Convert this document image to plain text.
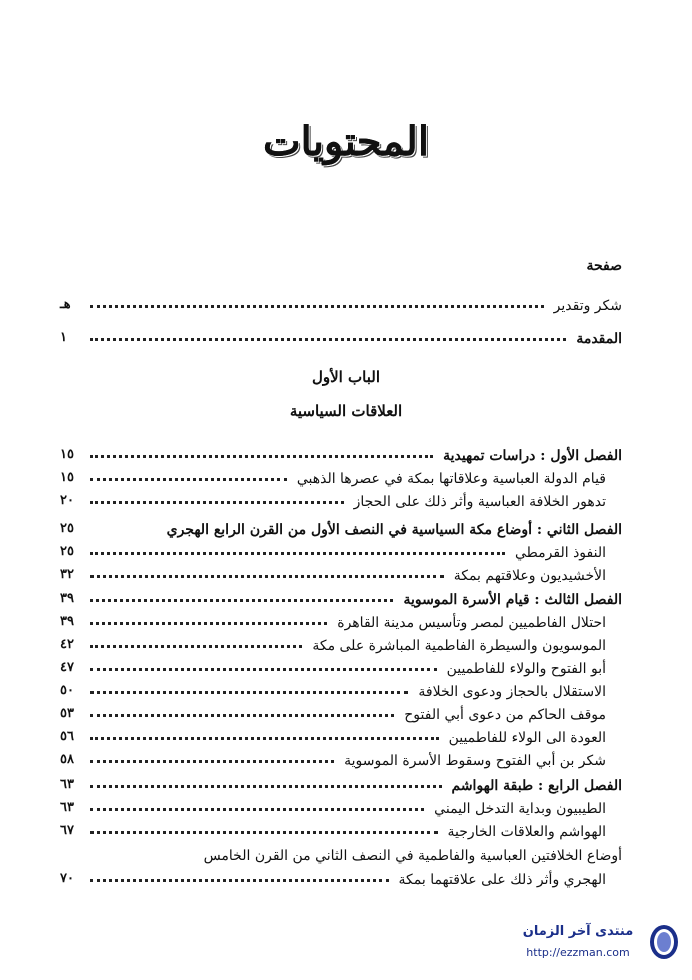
المحتويات
صفحة
شكر وتقدير
هـ
المقدمة
١
الباب الأول
العلاقات السياسية
الفصل الأول : دراسات تمهيدية
١٥
قيام الدولة العباسية وعلاقاتها بمكة في عصرها الذهبي
١٥
تدهور الخلافة العباسية وأثر ذلك على الحجاز
٢٠
الفصل الثاني : أوضاع مكة السياسية في النصف الأول من القرن الرابع الهجري
٢٥
النفوذ القرمطي
٢٥
الأخشيديون وعلاقتهم بمكة
٣٢
الفصل الثالث : قيام الأسرة الموسوية
٣٩
احتلال الفاطميين لمصر وتأسيس مدينة القاهرة
٣٩
الموسويون والسيطرة الفاطمية المباشرة على مكة
٤٢
أبو الفتوح والولاء للفاطميين
٤٧
الاستقلال بالحجاز ودعوى الخلافة
٥٠
موقف الحاكم من دعوى أبي الفتوح
٥٣
العودة الى الولاء للفاطميين
٥٦
شكر بن أبي الفتوح وسقوط الأسرة الموسوية
٥٨
الفصل الرابع : طبقة الهواشم
٦٣
الطيبيون وبداية التدخل اليمني
٦٣
الهواشم والعلاقات الخارجية
٦٧
أوضاع الخلافتين العباسية والفاطمية في النصف الثاني من القرن الخامس
الهجري وأثر ذلك على علاقتهما بمكة
٧٠
منتدى آخر الزمان
http://ezzman.com
